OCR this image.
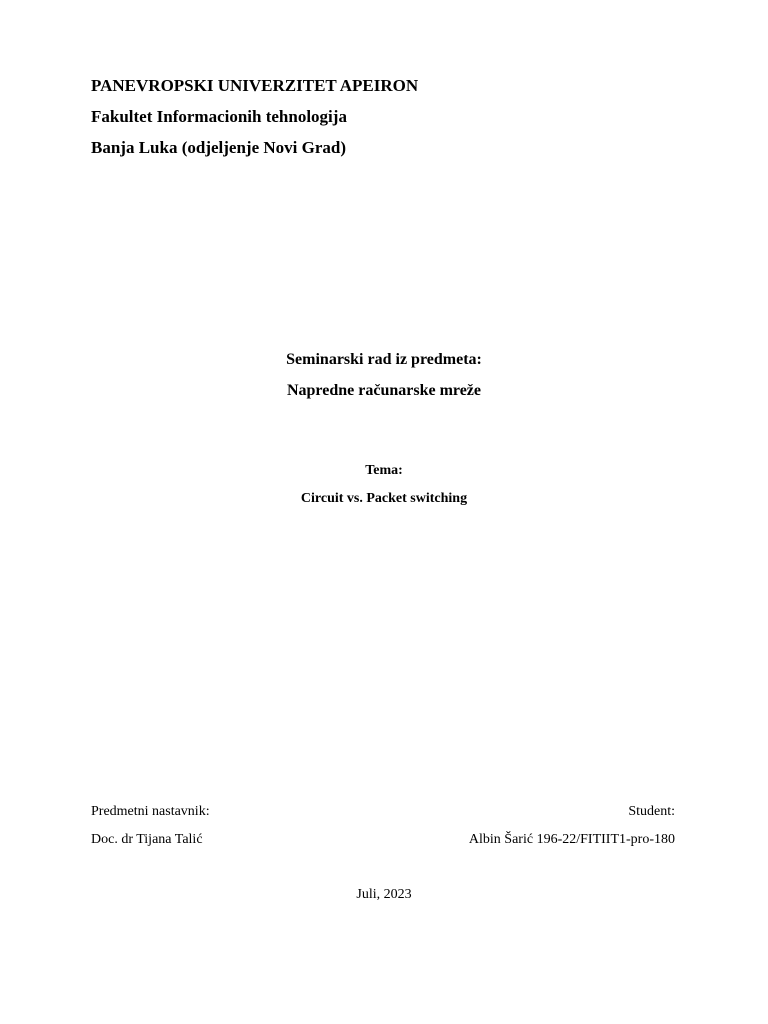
PANEVROPSKI UNIVERZITET APEIRON
Fakultet Informacionih tehnologija
Banja Luka (odjeljenje Novi Grad)
Seminarski rad iz predmeta:
Napredne računarske mreže
Tema:
Circuit vs. Packet switching
Predmetni nastavnik:	Student:
Doc. dr Tijana Talić	Albin Šarić 196-22/FITIIT1-pro-180
Juli, 2023
